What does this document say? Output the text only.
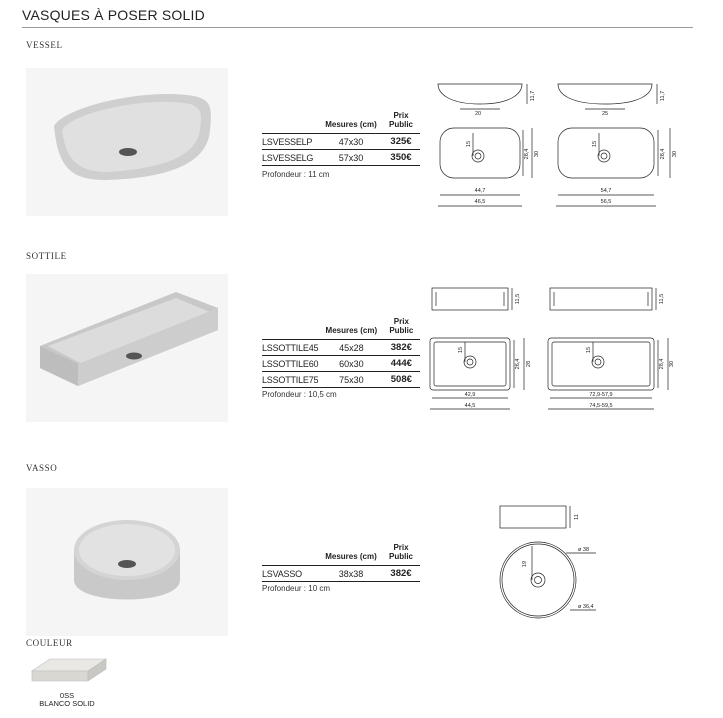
VASQUES À POSER SOLID
VESSEL
	Mesures (cm)	Prix Public
LSVESSELP	47x30	325€
LSVESSELG	57x30	350€
Profondeur : 11 cm
20	25
44,7
46,5
54,7
56,5
11,7	11,7
15	15
28,4 30	28,4 30
SOTTILE
	Mesures (cm)	Prix Public
LSSOTTILE45	45x28	382€
LSSOTTILE60	60x30	444€
LSSOTTILE75	75x30	508€
Profondeur : 10,5 cm
11,5	11,5
15	15
26,4 28	28,4 30
42,9
44,5
72,9-57,9
74,5-59,5
VASSO
	Mesures (cm)	Prix Public
LSVASSO	38x38	382€
Profondeur : 10 cm
11
19
ø 38
ø 36,4
COULEUR
0SS
BLANCO SOLID
